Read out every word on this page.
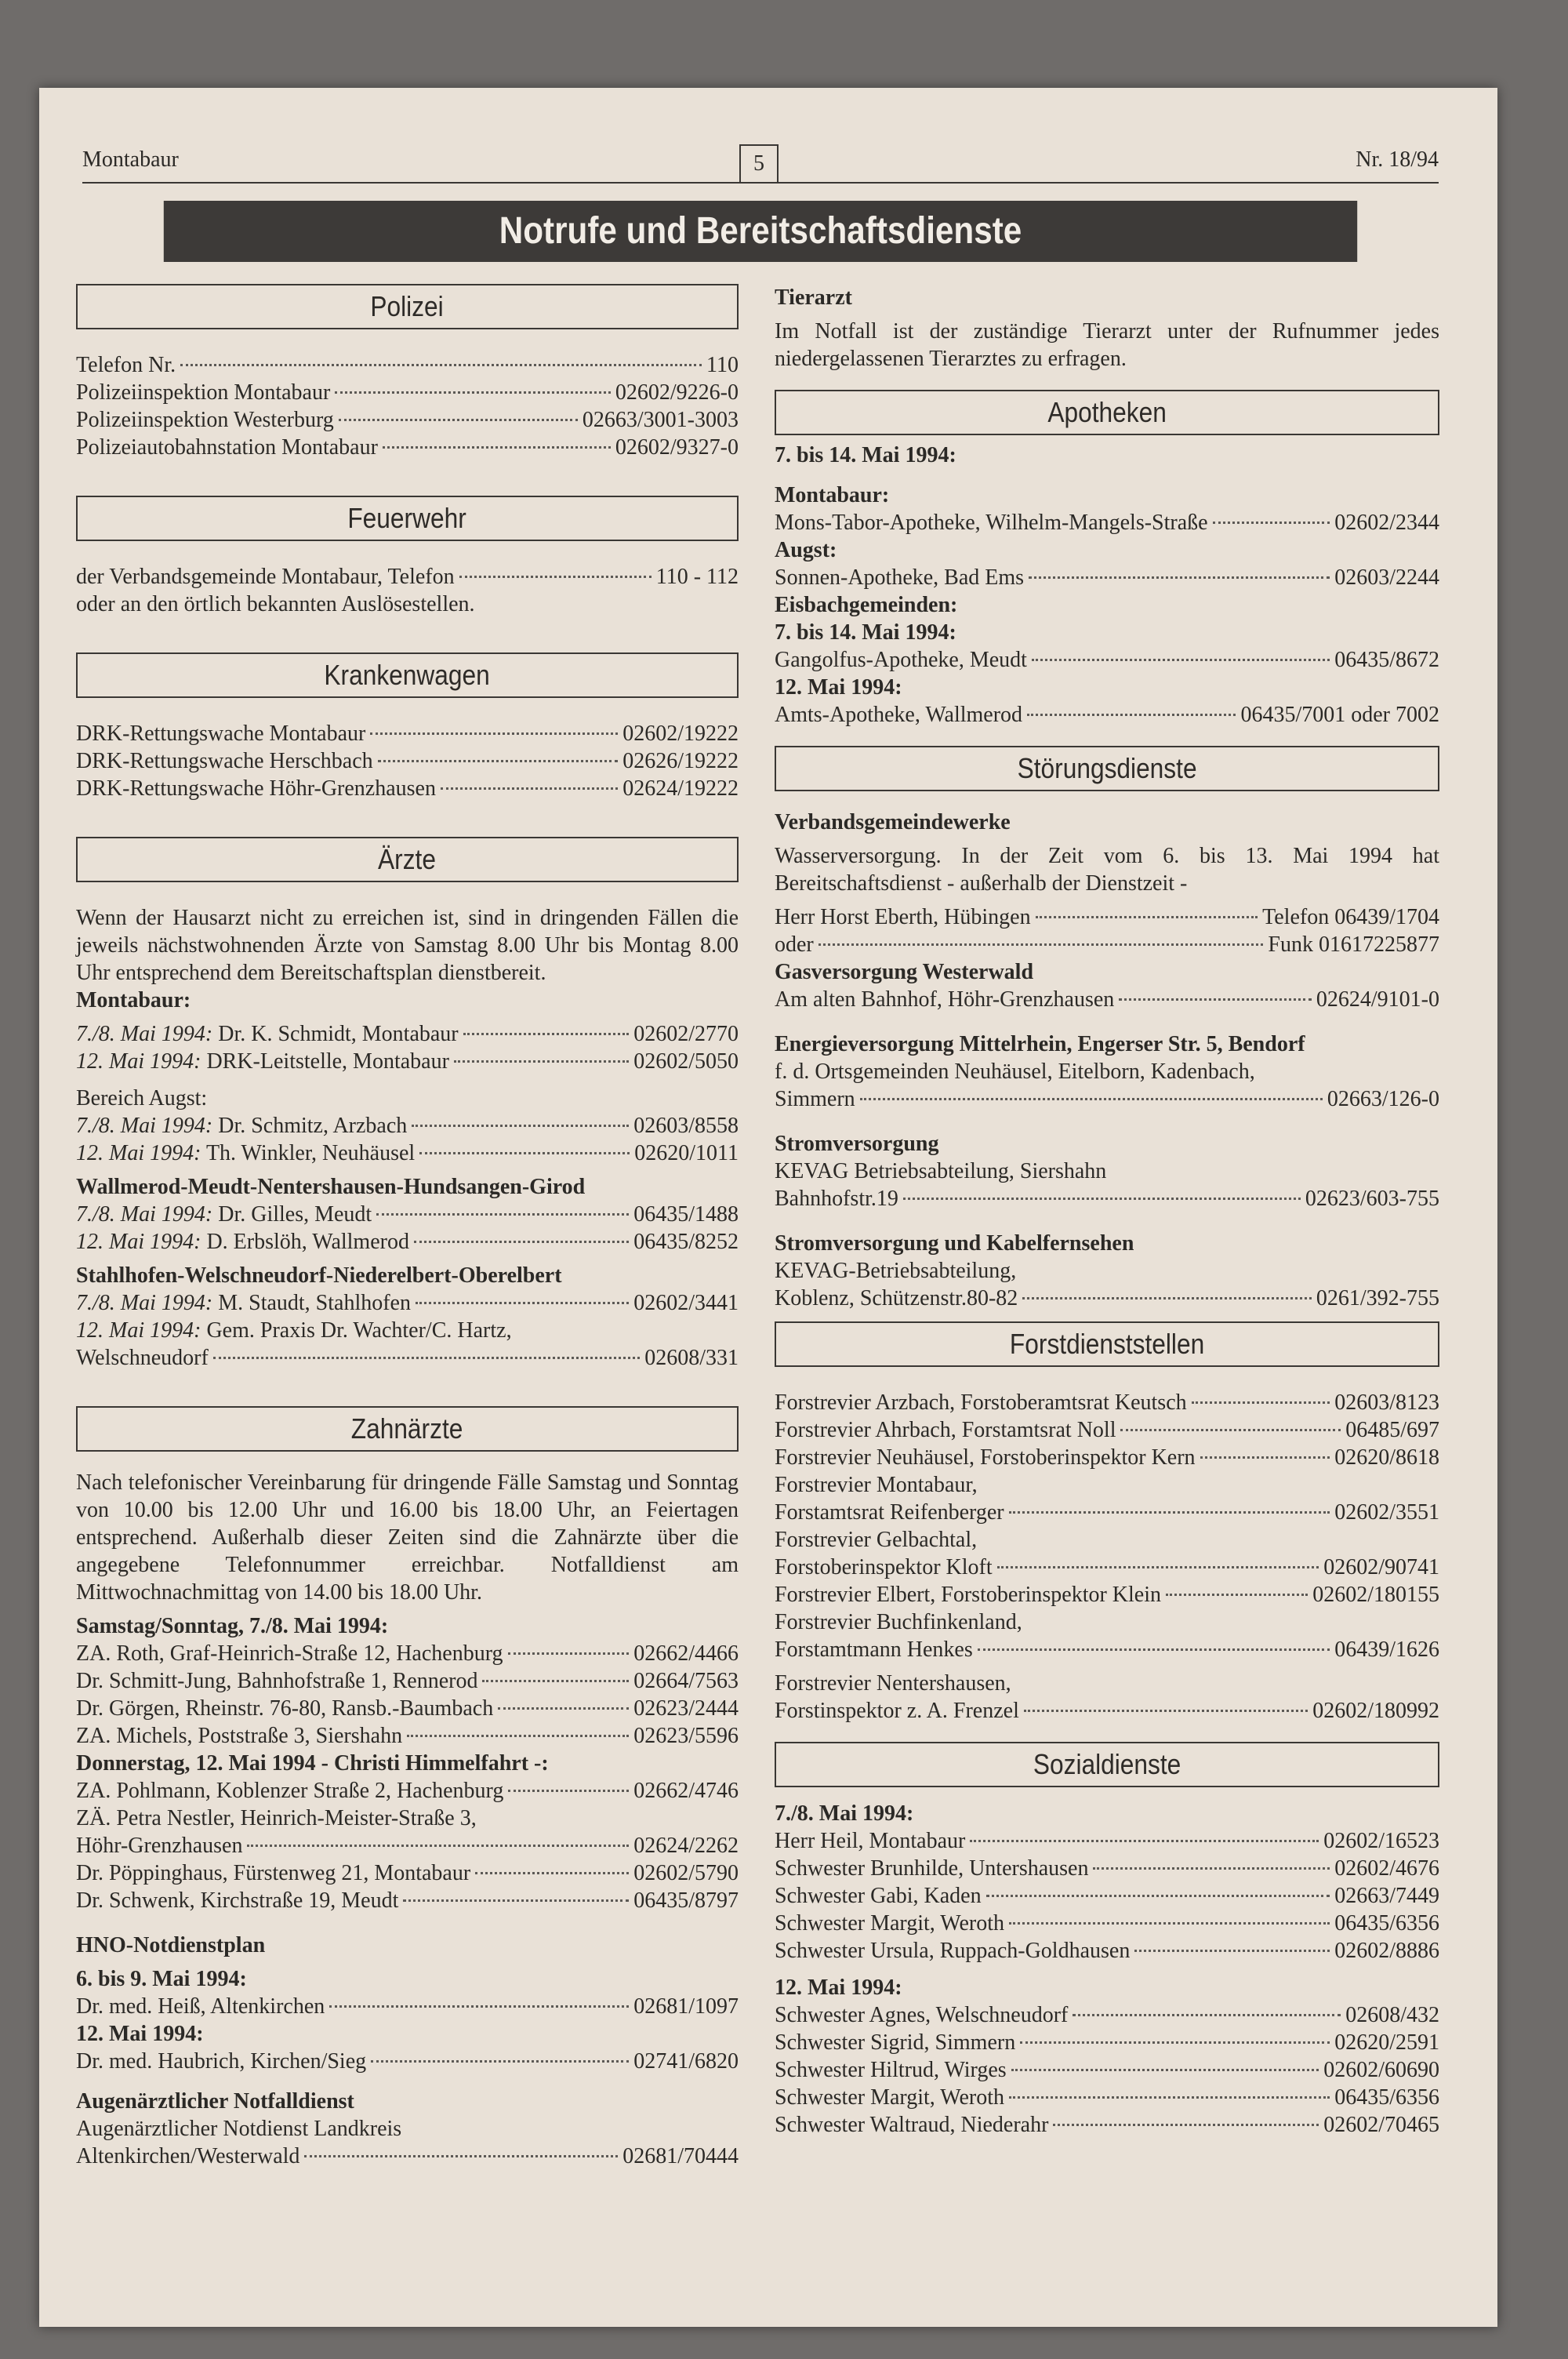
Montabaur	5	Nr. 18/94
Notrufe und Bereitschaftsdienste
Polizei
Telefon Nr.	110
Polizeiinspektion Montabaur	02602/9226-0
Polizeiinspektion Westerburg	02663/3001-3003
Polizeiautobahnstation Montabaur	02602/9327-0
Feuerwehr
der Verbandsgemeinde Montabaur, Telefon	110 - 112
oder an den örtlich bekannten Auslösestellen.
Krankenwagen
DRK-Rettungswache Montabaur	02602/19222
DRK-Rettungswache Herschbach	02626/19222
DRK-Rettungswache Höhr-Grenzhausen	02624/19222
Ärzte
Wenn der Hausarzt nicht zu erreichen ist, sind in dringenden Fällen die jeweils nächstwohnenden Ärzte von Samstag 8.00 Uhr bis Montag 8.00 Uhr entsprechend dem Bereitschaftsplan dienstbereit.
Montabaur:
7./8. Mai 1994: Dr. K. Schmidt, Montabaur	02602/2770
12. Mai 1994: DRK-Leitstelle, Montabaur	02602/5050
Bereich Augst:
7./8. Mai 1994: Dr. Schmitz, Arzbach	02603/8558
12. Mai 1994: Th. Winkler, Neuhäusel	02620/1011
Wallmerod-Meudt-Nentershausen-Hundsangen-Girod
7./8. Mai 1994: Dr. Gilles, Meudt	06435/1488
12. Mai 1994: D. Erbslöh, Wallmerod	06435/8252
Stahlhofen-Welschneudorf-Niederelbert-Oberelbert
7./8. Mai 1994: M. Staudt, Stahlhofen	02602/3441
12. Mai 1994: Gem. Praxis Dr. Wachter/C. Hartz,
Welschneudorf	02608/331
Zahnärzte
Nach telefonischer Vereinbarung für dringende Fälle Samstag und Sonntag von 10.00 bis 12.00 Uhr und 16.00 bis 18.00 Uhr, an Feiertagen entsprechend. Außerhalb dieser Zeiten sind die Zahnärzte über die angegebene Telefonnummer erreichbar. Notfalldienst am Mittwochnachmittag von 14.00 bis 18.00 Uhr.
Samstag/Sonntag, 7./8. Mai 1994:
ZA. Roth, Graf-Heinrich-Straße 12, Hachenburg	02662/4466
Dr. Schmitt-Jung, Bahnhofstraße 1, Rennerod	02664/7563
Dr. Görgen, Rheinstr. 76-80, Ransb.-Baumbach	02623/2444
ZA. Michels, Poststraße 3, Siershahn	02623/5596
Donnerstag, 12. Mai 1994 - Christi Himmelfahrt -:
ZA. Pohlmann, Koblenzer Straße 2, Hachenburg	02662/4746
ZÄ. Petra Nestler, Heinrich-Meister-Straße 3,
Höhr-Grenzhausen	02624/2262
Dr. Pöppinghaus, Fürstenweg 21, Montabaur	02602/5790
Dr. Schwenk, Kirchstraße 19, Meudt	06435/8797
HNO-Notdienstplan
6. bis 9. Mai 1994:
Dr. med. Heiß, Altenkirchen	02681/1097
12. Mai 1994:
Dr. med. Haubrich, Kirchen/Sieg	02741/6820
Augenärztlicher Notfalldienst
Augenärztlicher Notdienst Landkreis
Altenkirchen/Westerwald	02681/70444
Tierarzt
Im Notfall ist der zuständige Tierarzt unter der Rufnummer jedes niedergelassenen Tierarztes zu erfragen.
Apotheken
7. bis 14. Mai 1994:
Montabaur:
Mons-Tabor-Apotheke, Wilhelm-Mangels-Straße	02602/2344
Augst:
Sonnen-Apotheke, Bad Ems	02603/2244
Eisbachgemeinden:
7. bis 14. Mai 1994:
Gangolfus-Apotheke, Meudt	06435/8672
12. Mai 1994:
Amts-Apotheke, Wallmerod	06435/7001 oder 7002
Störungsdienste
Verbandsgemeindewerke
Wasserversorgung. In der Zeit vom 6. bis 13. Mai 1994 hat Bereitschaftsdienst - außerhalb der Dienstzeit -
Herr Horst Eberth, Hübingen	Telefon 06439/1704
oder	Funk 01617225877
Gasversorgung Westerwald
Am alten Bahnhof, Höhr-Grenzhausen	02624/9101-0
Energieversorgung Mittelrhein, Engerser Str. 5, Bendorf
f. d. Ortsgemeinden Neuhäusel, Eitelborn, Kadenbach,
Simmern	02663/126-0
Stromversorgung
KEVAG Betriebsabteilung, Siershahn
Bahnhofstr.19	02623/603-755
Stromversorgung und Kabelfernsehen
KEVAG-Betriebsabteilung,
Koblenz, Schützenstr.80-82	0261/392-755
Forstdienststellen
Forstrevier Arzbach, Forstoberamtsrat Keutsch	02603/8123
Forstrevier Ahrbach, Forstamtsrat Noll	06485/697
Forstrevier Neuhäusel, Forstoberinspektor Kern	02620/8618
Forstrevier Montabaur,
Forstamtsrat Reifenberger	02602/3551
Forstrevier Gelbachtal,
Forstoberinspektor Kloft	02602/90741
Forstrevier Elbert, Forstoberinspektor Klein	02602/180155
Forstrevier Buchfinkenland,
Forstamtmann Henkes	06439/1626
Forstrevier Nentershausen,
Forstinspektor z. A. Frenzel	02602/180992
Sozialdienste
7./8. Mai 1994:
Herr Heil, Montabaur	02602/16523
Schwester Brunhilde, Untershausen	02602/4676
Schwester Gabi, Kaden	02663/7449
Schwester Margit, Weroth	06435/6356
Schwester Ursula, Ruppach-Goldhausen	02602/8886
12. Mai 1994:
Schwester Agnes, Welschneudorf	02608/432
Schwester Sigrid, Simmern	02620/2591
Schwester Hiltrud, Wirges	02602/60690
Schwester Margit, Weroth	06435/6356
Schwester Waltraud, Niederahr	02602/70465
